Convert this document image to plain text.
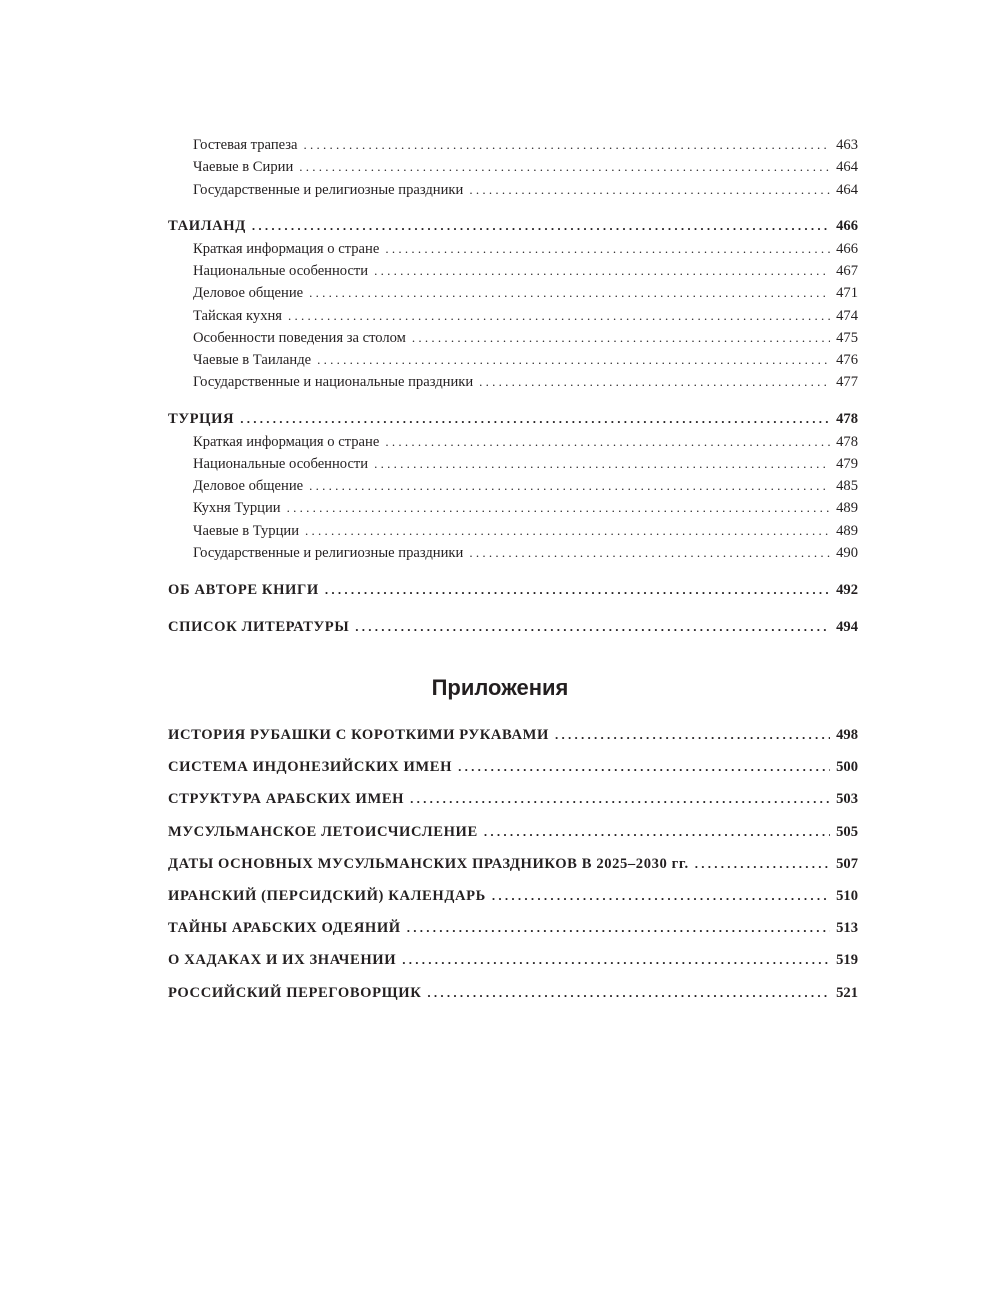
Гостевая трапеза . . .	463
Чаевые в Сирии . . .	464
Государственные и религиозные праздники . . .	464
ТАИЛАНД . . .	466
Краткая информация о стране . . .	466
Национальные особенности . . .	467
Деловое общение . . .	471
Тайская кухня . . .	474
Особенности поведения за столом . . .	475
Чаевые в Таиланде . . .	476
Государственные и национальные праздники . . .	477
ТУРЦИЯ . . .	478
Краткая информация о стране . . .	478
Национальные особенности . . .	479
Деловое общение . . .	485
Кухня Турции . . .	489
Чаевые в Турции . . .	489
Государственные и религиозные праздники . . .	490
ОБ АВТОРЕ КНИГИ . . .	492
СПИСОК ЛИТЕРАТУРЫ . . .	494
Приложения
ИСТОРИЯ РУБАШКИ С КОРОТКИМИ РУКАВАМИ . . .	498
СИСТЕМА ИНДОНЕЗИЙСКИХ ИМЕН . . .	500
СТРУКТУРА АРАБСКИХ ИМЕН . . .	503
МУСУЛЬМАНСКОЕ ЛЕТОИСЧИСЛЕНИЕ . . .	505
ДАТЫ ОСНОВНЫХ МУСУЛЬМАНСКИХ ПРАЗДНИКОВ В 2025–2030 гг. . . .	507
ИРАНСКИЙ (ПЕРСИДСКИЙ) КАЛЕНДАРЬ . . .	510
ТАЙНЫ АРАБСКИХ ОДЕЯНИЙ . . .	513
О ХАДАКАХ И ИХ ЗНАЧЕНИИ . . .	519
РОССИЙСКИЙ ПЕРЕГОВОРЩИК . . .	521
